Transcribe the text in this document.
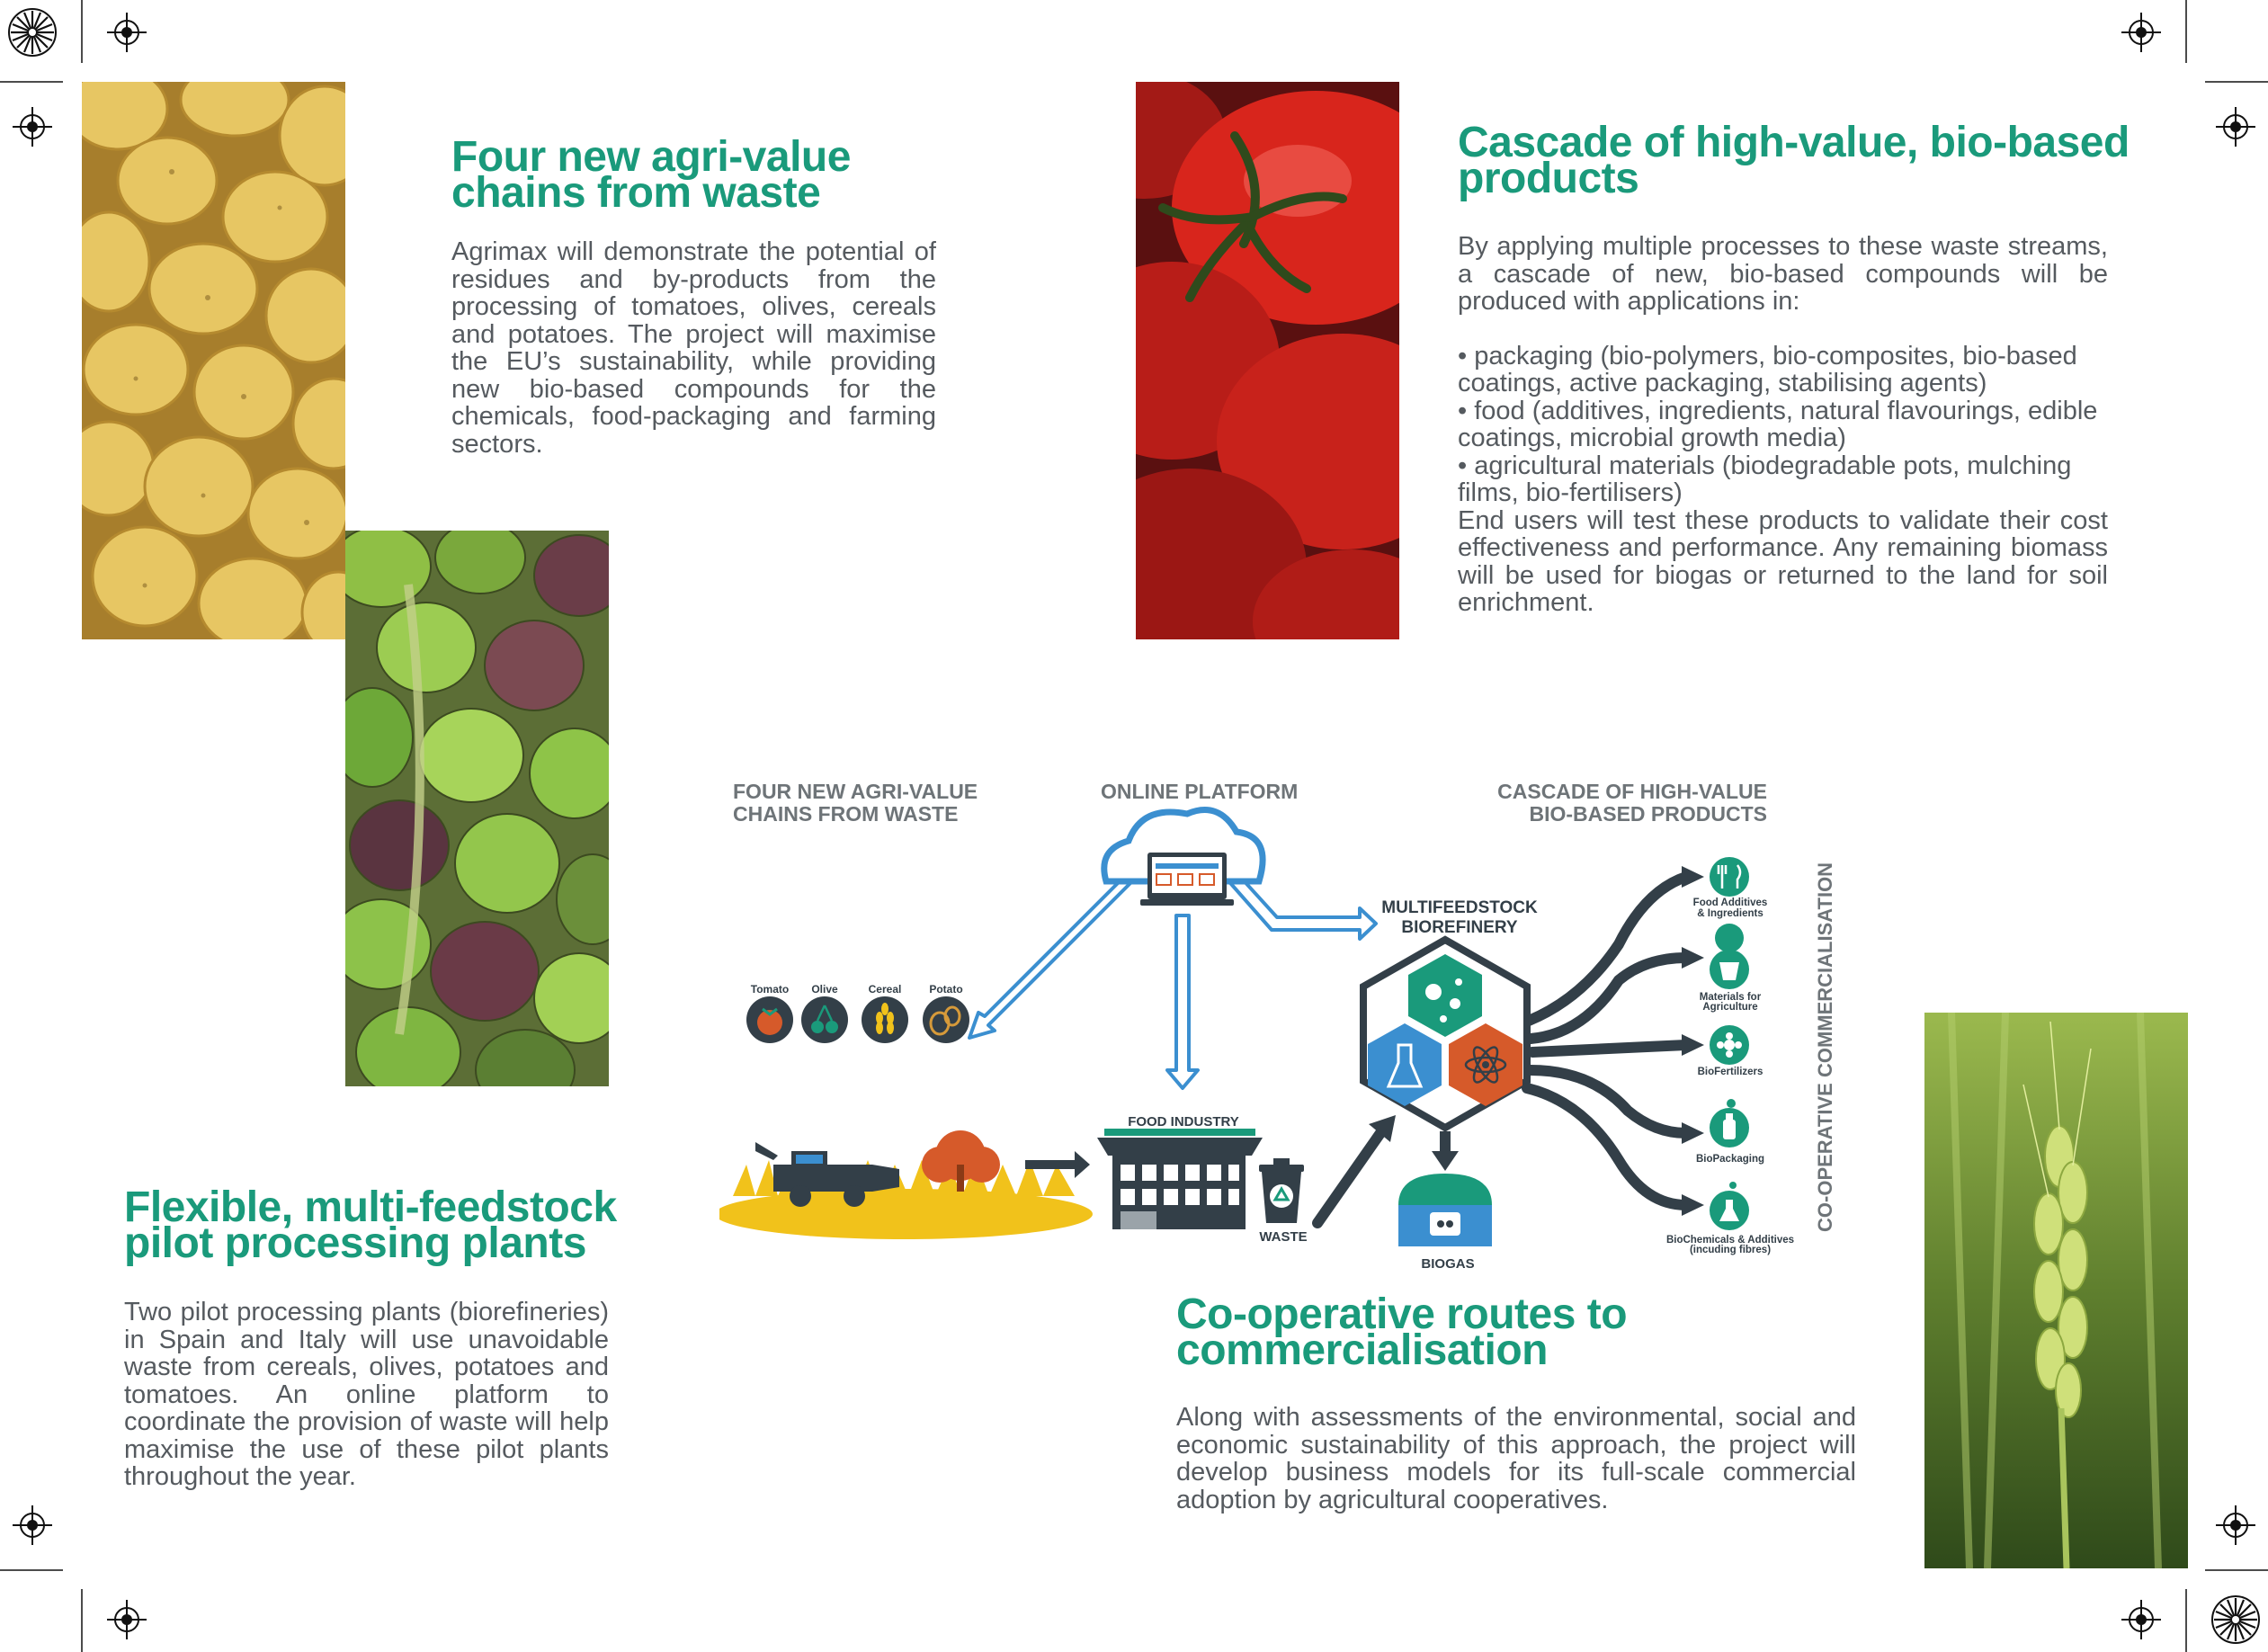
Four new agri-value
chains from waste

Agrimax will demonstrate the potential of residues and by-products from the processing of tomatoes, olives, cereals and potatoes. The project will maximise the EU’s sustainability, while providing new bio-based compounds for the chemicals, food-packaging and farming sectors.

Cascade of high-value, bio-based
products

By applying multiple processes to these waste streams, a cascade of new, bio-based compounds will be produced with applications in:

• packaging (bio-polymers, bio-composites, bio-based coatings, active packaging, stabilising agents)

• food (additives, ingredients, natural flavourings, edible coatings, microbial growth media)

• agricultural materials (biodegradable pots, mulching films, bio-fertilisers)

End users will test these products to validate their cost effectiveness and performance. Any remaining biomass will be used for biogas or returned to the land for soil enrichment.

Flexible, multi-feedstock
pilot processing plants

Two pilot processing plants (biorefineries) in Spain and Italy will use unavoidable waste from cereals, olives, potatoes and tomatoes. An online platform to coordinate the provision of waste will help maximise the use of these pilot plants throughout the year.

Co-operative routes to
commercialisation

Along with assessments of the environmental, social and economic sustainability of this approach, the project will develop business models for its full-scale commercial adoption by agricultural cooperatives.

FOUR NEW AGRI-VALUE
CHAINS FROM WASTE
ONLINE PLATFORM	CASCADE OF HIGH-VALUE
BIO-BASED PRODUCTS
Tomato Olive	Cereal	Potato
FOOD INDUSTRY
WASTE
MULTIFEEDSTOCK
BIOREFINERY
BIOGAS
Food Additives
& Ingredients
Materials for
Agriculture
BioFertilizers
BioPackaging
BioChemicals & Additives
(incuding fibres)
CO-OPERATIVE COMMERCIALISATION
